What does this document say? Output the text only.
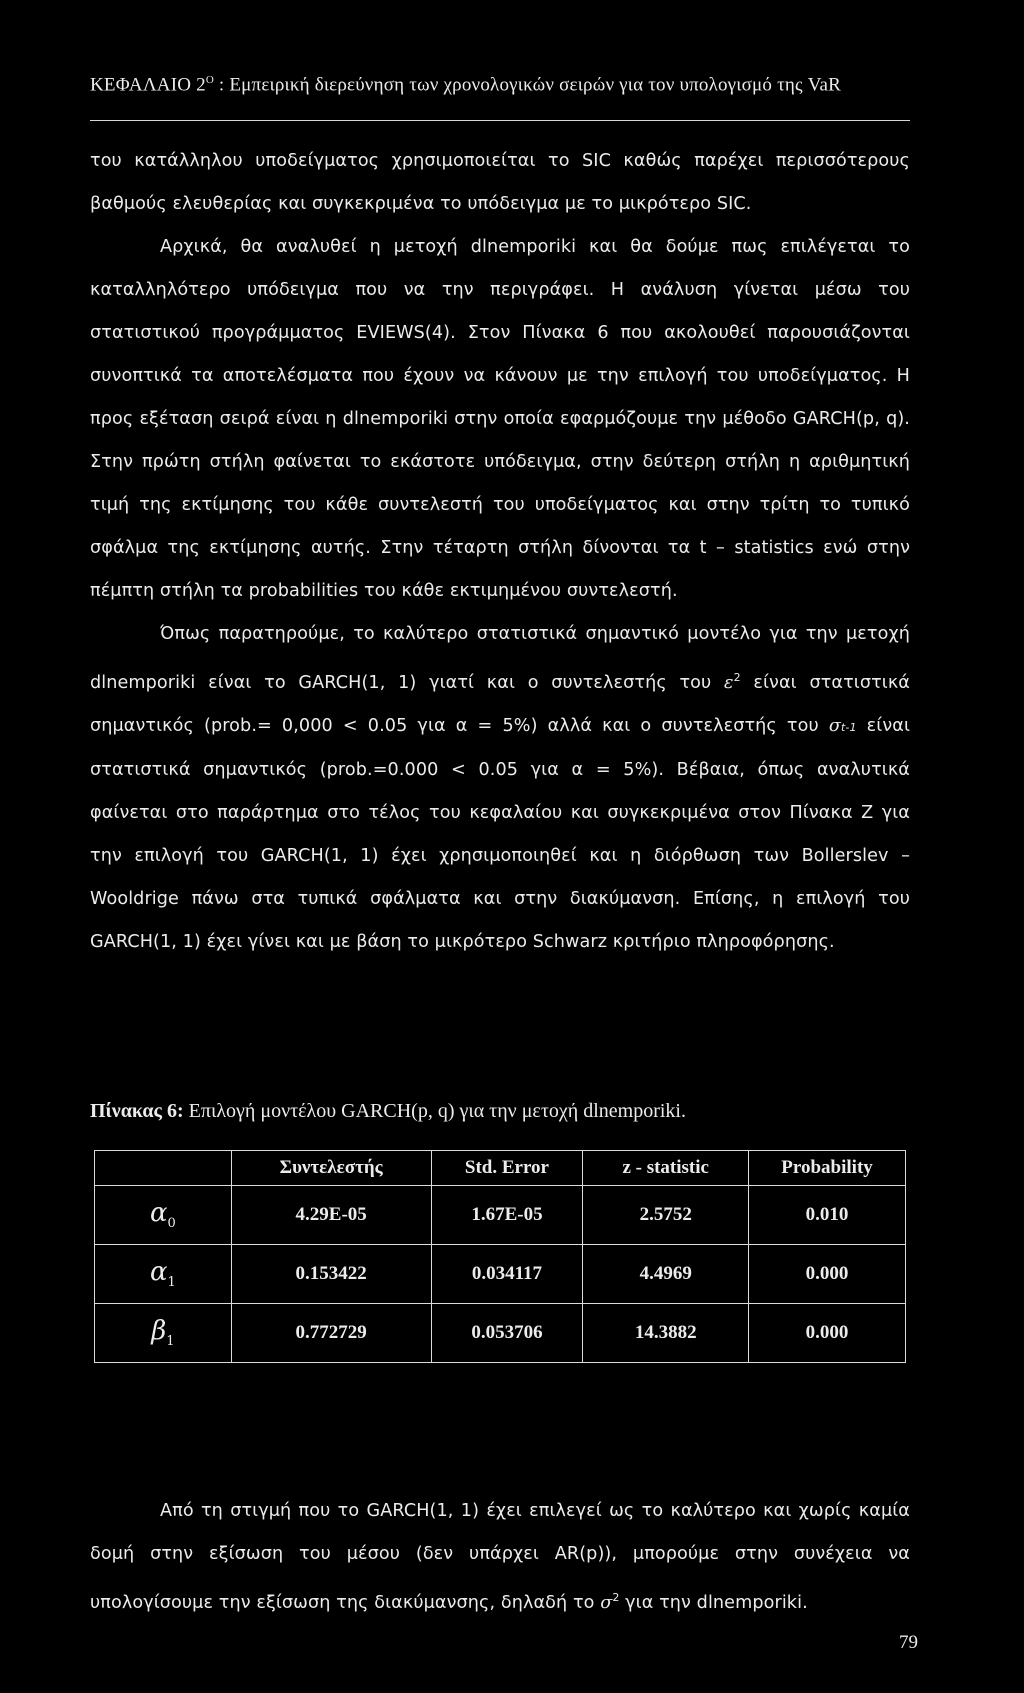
ΚΕΦΑΛΑΙΟ $2^O$ : Εμπειρική διερεύνηση των χρονολογικών σειρών για τον υπολογισμό της VaR

του κατάλληλου υποδείγματος χρησιμοποιείται το SIC καθώς παρέχει περισσότερους βαθμούς ελευθερίας και συγκεκριμένα το υπόδειγμα με το μικρότερο SIC.

Αρχικά, θα αναλυθεί η μετοχή dlnemporiki και θα δούμε πως επιλέγεται το καταλληλότερο υπόδειγμα που να την περιγράφει. Η ανάλυση γίνεται μέσω του στατιστικού προγράμματος EVIEWS(4). Στον Πίνακα 6 που ακολουθεί παρουσιάζονται συνοπτικά τα αποτελέσματα που έχουν να κάνουν με την επιλογή του υποδείγματος. Η προς εξέταση σειρά είναι η dlnemporiki στην οποία εφαρμόζουμε την μέθοδο GARCH(p, q). Στην πρώτη στήλη φαίνεται το εκάστοτε υπόδειγμα, στην δεύτερη στήλη η αριθμητική τιμή της εκτίμησης του κάθε συντελεστή του υποδείγματος και στην τρίτη το τυπικό σφάλμα της εκτίμησης αυτής. Στην τέταρτη στήλη δίνονται τα t – statistics ενώ στην πέμπτη στήλη τα probabilities του κάθε εκτιμημένου συντελεστή.

Όπως παρατηρούμε, το καλύτερο στατιστικά σημαντικό μοντέλο για την μετοχή dlnemporiki είναι το GARCH(1, 1) γιατί και ο συντελεστής του $\varepsilon^2$ είναι στατιστικά σημαντικός (prob.= 0,000 < 0.05 για α = 5%) αλλά και ο συντελεστής του σt-1 είναι στατιστικά σημαντικός (prob.=0.000 < 0.05 για α = 5%). Βέβαια, όπως αναλυτικά φαίνεται στο παράρτημα στο τέλος του κεφαλαίου και συγκεκριμένα στον Πίνακα Ζ για την επιλογή του GARCH(1, 1) έχει χρησιμοποιηθεί και η διόρθωση των Bollerslev – Wooldrige πάνω στα τυπικά σφάλματα και στην διακύμανση. Επίσης, η επιλογή του GARCH(1, 1) έχει γίνει και με βάση το μικρότερο Schwarz κριτήριο πληροφόρησης.

Πίνακας 6: Επιλογή μοντέλου GARCH(p, q) για την μετοχή dlnemporiki.
	Συντελεστής	Std. Error	z - statistic	Probability
$\alpha_0$	4.29E-05	1.67E-05	2.5752	0.010
$\alpha_1$	0.153422	0.034117	4.4969	0.000
$\beta_1$	0.772729	0.053706	14.3882	0.000

Από τη στιγμή που το GARCH(1, 1) έχει επιλεγεί ως το καλύτερο και χωρίς καμία δομή στην εξίσωση του μέσου (δεν υπάρχει AR(p)), μπορούμε στην συνέχεια να υπολογίσουμε την εξίσωση της διακύμανσης, δηλαδή το $\sigma^2$ για την dlnemporiki.

79
